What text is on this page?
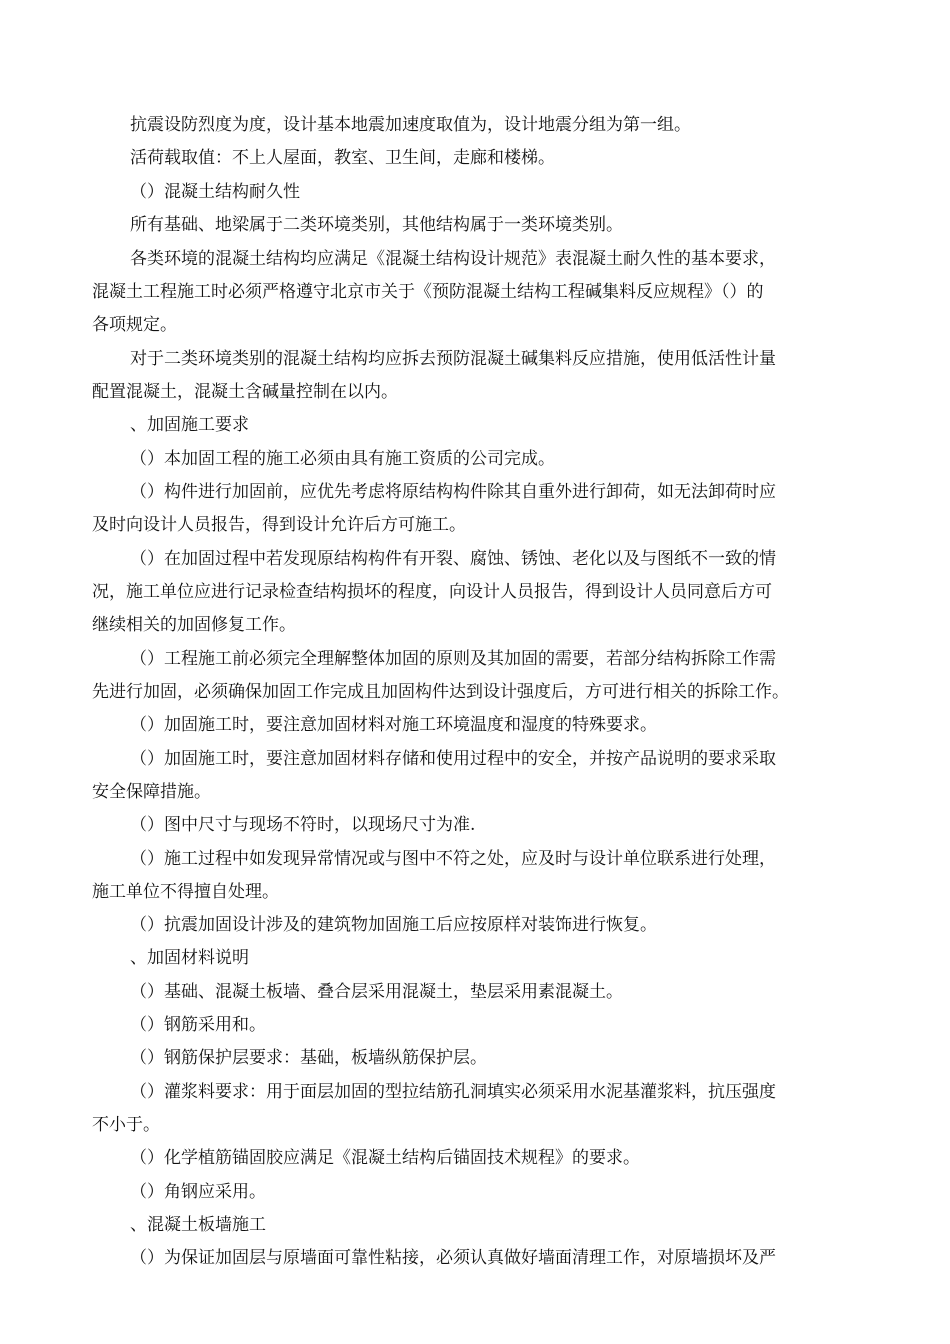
抗震设防烈度为度，设计基本地震加速度取值为，设计地震分组为第一组。
活荷载取值：不上人屋面，教室、卫生间，走廊和楼梯。
（）混凝土结构耐久性
所有基础、地梁属于二类环境类别，其他结构属于一类环境类别。
各类环境的混凝土结构均应满足《混凝土结构设计规范》表混凝土耐久性的基本要求，
混凝土工程施工时必须严格遵守北京市关于《预防混凝土结构工程碱集料反应规程》（）的
各项规定。
对于二类环境类别的混凝土结构均应拆去预防混凝土碱集料反应措施，使用低活性计量
配置混凝土，混凝土含碱量控制在以内。
、加固施工要求
（）本加固工程的施工必须由具有施工资质的公司完成。
（）构件进行加固前，应优先考虑将原结构构件除其自重外进行卸荷，如无法卸荷时应
及时向设计人员报告，得到设计允许后方可施工。
（）在加固过程中若发现原结构构件有开裂、腐蚀、锈蚀、老化以及与图纸不一致的情
况，施工单位应进行记录检查结构损坏的程度，向设计人员报告，得到设计人员同意后方可
继续相关的加固修复工作。
（）工程施工前必须完全理解整体加固的原则及其加固的需要，若部分结构拆除工作需
先进行加固，必须确保加固工作完成且加固构件达到设计强度后，方可进行相关的拆除工作。
（）加固施工时，要注意加固材料对施工环境温度和湿度的特殊要求。
（）加固施工时，要注意加固材料存储和使用过程中的安全，并按产品说明的要求采取
安全保障措施。
（）图中尺寸与现场不符时，以现场尺寸为准.
（）施工过程中如发现异常情况或与图中不符之处，应及时与设计单位联系进行处理，
施工单位不得擅自处理。
（）抗震加固设计涉及的建筑物加固施工后应按原样对装饰进行恢复。
、加固材料说明
（）基础、混凝土板墙、叠合层采用混凝土，垫层采用素混凝土。
（）钢筋采用和。
（）钢筋保护层要求：基础，板墙纵筋保护层。
（）灌浆料要求：用于面层加固的型拉结筋孔洞填实必须采用水泥基灌浆料，抗压强度
不小于。
（）化学植筋锚固胶应满足《混凝土结构后锚固技术规程》的要求。
（）角钢应采用。
、混凝土板墙施工
（）为保证加固层与原墙面可靠性粘接，必须认真做好墙面清理工作，对原墙损坏及严
